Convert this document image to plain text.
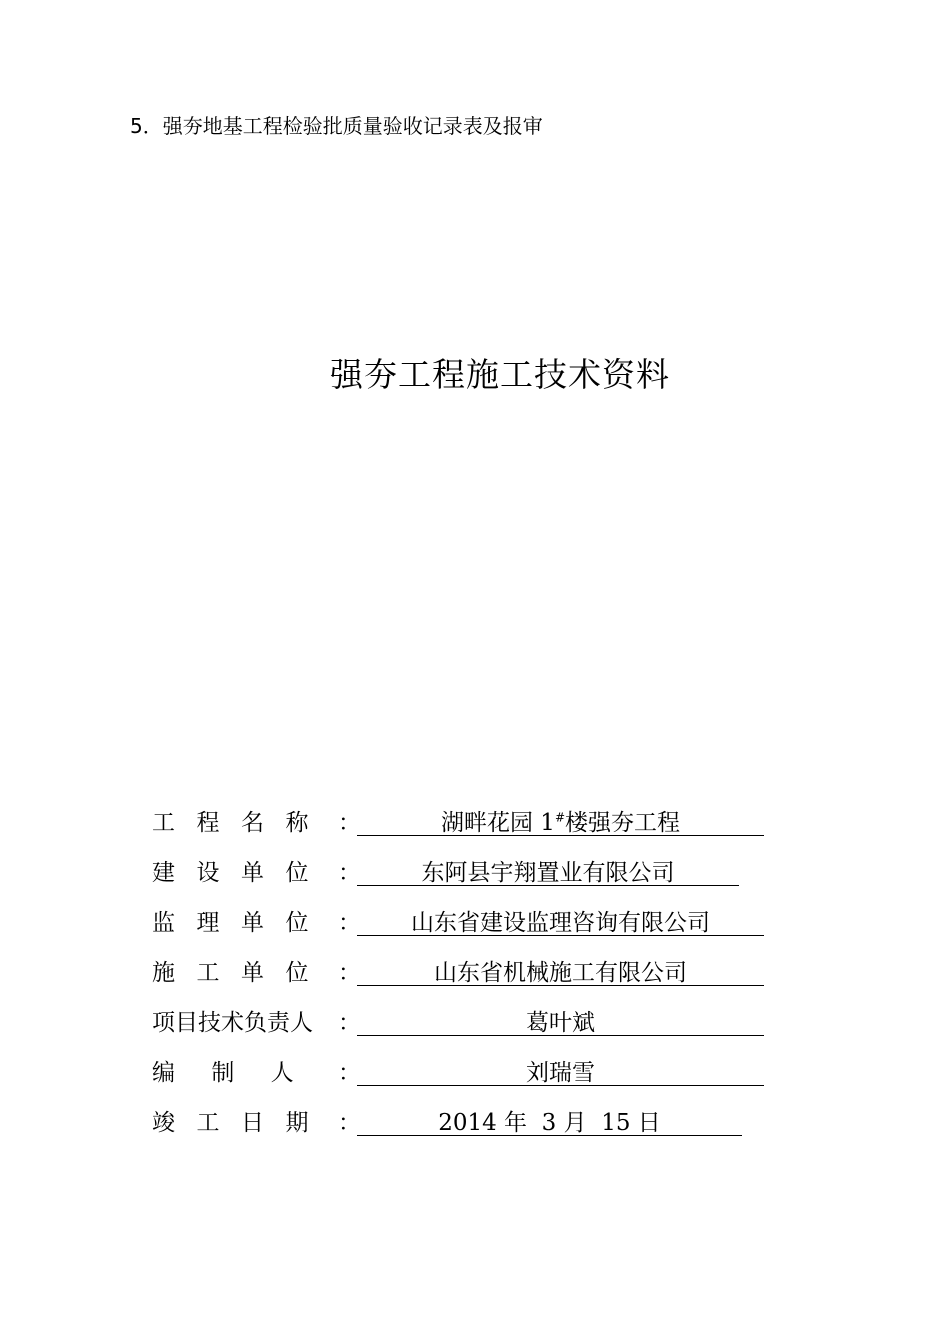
5．强夯地基工程检验批质量验收记录表及报审
强夯工程施工技术资料
工 程 名 称 ：	湖畔花园 1#楼强夯工程
建 设 单 位 ：	东阿县宇翔置业有限公司
监 理 单 位 ：	山东省建设监理咨询有限公司
施 工 单 位 ：	山东省机械施工有限公司
项 目 技 术 负 责 人 ：	葛叶斌
编 制 人 ：	刘瑞雪
竣 工 日 期 ：	2014 年  3 月  15 日
